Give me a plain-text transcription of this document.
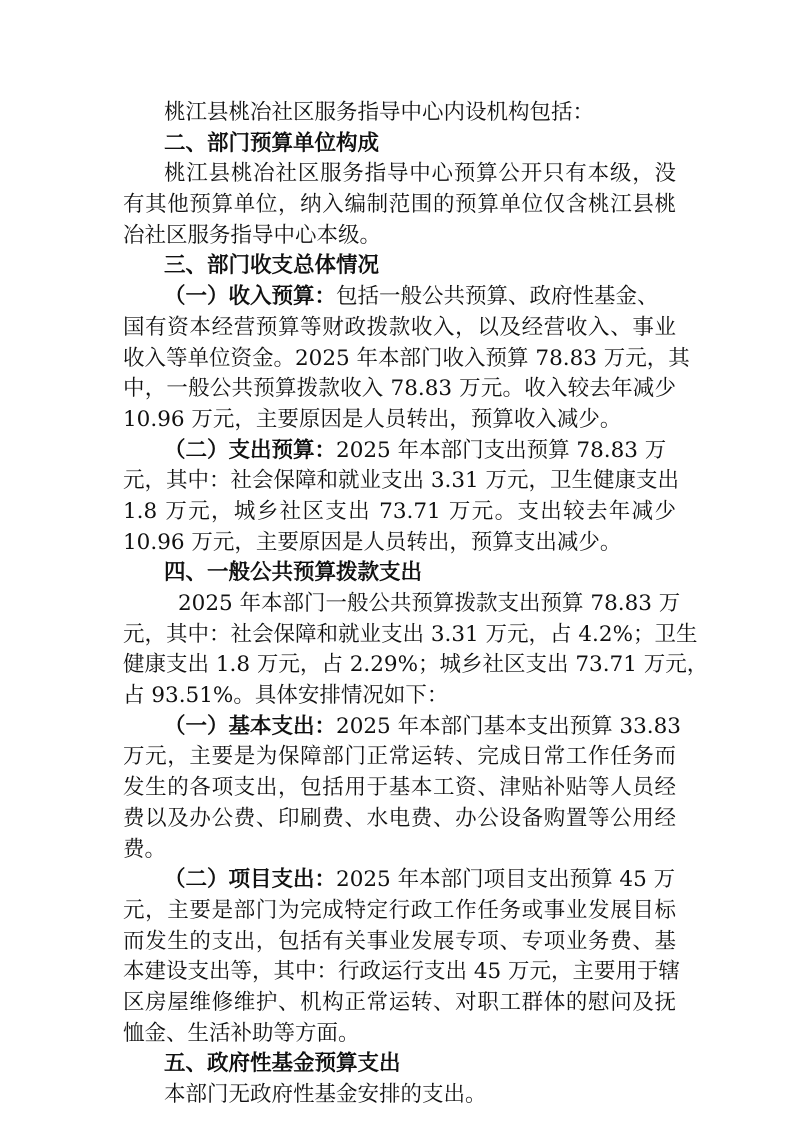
桃江县桃冶社区服务指导中心内设机构包括：
二、部门预算单位构成
桃江县桃冶社区服务指导中心预算公开只有本级，没
有其他预算单位，纳入编制范围的预算单位仅含桃江县桃
冶社区服务指导中心本级。
三、部门收支总体情况
（一）收入预算：包括一般公共预算、政府性基金、
国有资本经营预算等财政拨款收入，以及经营收入、事业
收入等单位资金。2025 年本部门收入预算 78.83 万元，其
中，一般公共预算拨款收入 78.83 万元。收入较去年减少
10.96 万元，主要原因是人员转出，预算收入减少。
（二）支出预算：2025 年本部门支出预算 78.83 万
元，其中：社会保障和就业支出 3.31 万元，卫生健康支出
1.8 万元，城乡社区支出 73.71 万元。支出较去年减少
10.96 万元，主要原因是人员转出，预算支出减少。
四、一般公共预算拨款支出
2025 年本部门一般公共预算拨款支出预算 78.83 万
元，其中：社会保障和就业支出 3.31 万元，占 4.2%；卫生
健康支出 1.8 万元，占 2.29%；城乡社区支出 73.71 万元，
占 93.51%。具体安排情况如下：
（一）基本支出：2025 年本部门基本支出预算 33.83
万元，主要是为保障部门正常运转、完成日常工作任务而
发生的各项支出，包括用于基本工资、津贴补贴等人员经
费以及办公费、印刷费、水电费、办公设备购置等公用经
费。
（二）项目支出：2025 年本部门项目支出预算 45 万
元，主要是部门为完成特定行政工作任务或事业发展目标
而发生的支出，包括有关事业发展专项、专项业务费、基
本建设支出等，其中：行政运行支出 45 万元，主要用于辖
区房屋维修维护、机构正常运转、对职工群体的慰问及抚
恤金、生活补助等方面。
五、政府性基金预算支出
本部门无政府性基金安排的支出。
